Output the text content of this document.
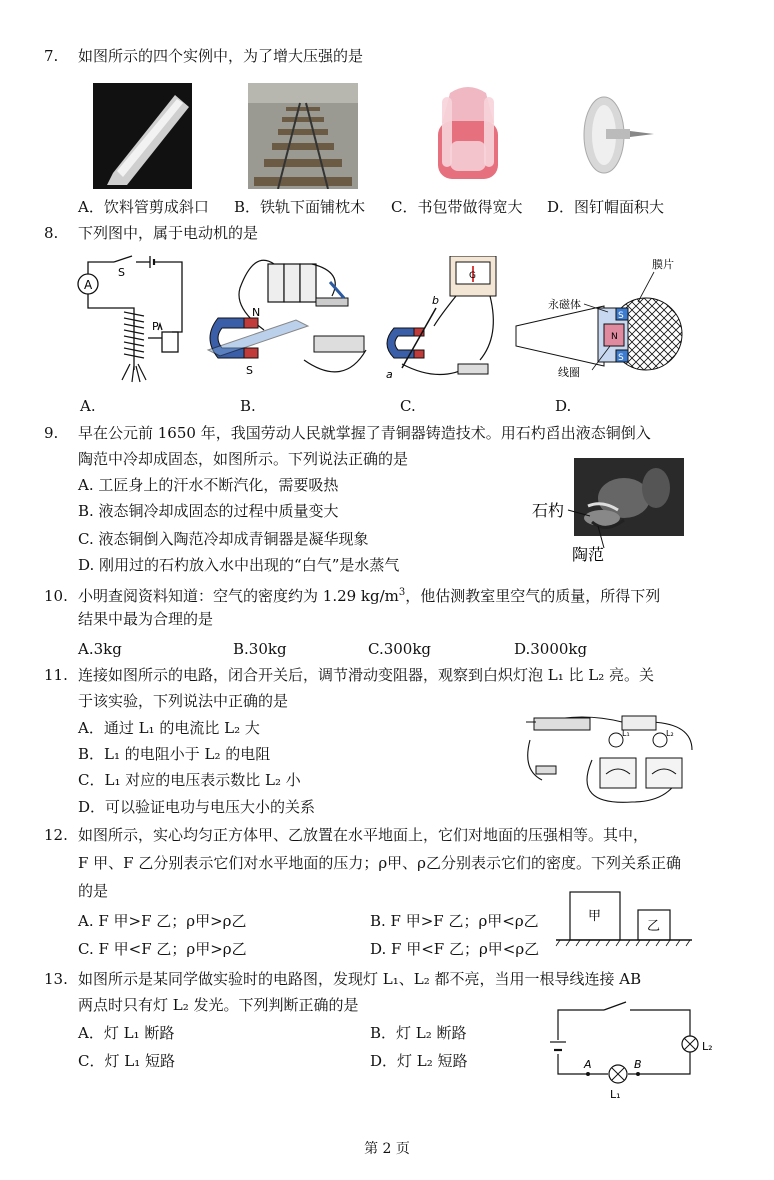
7. 如图所示的四个实例中，为了增大压强的是
A．饮料管剪成斜口 B．铁轨下面铺枕木 C．书包带做得宽大 D．图钉帽面积大
8. 下列图中，属于电动机的是
A
S
P
N
S
G
a
b
S
S
N
永磁体
膜片
线圈
A.	B.	C.	D.
9. 早在公元前 1650 年，我国劳动人民就掌握了青铜器铸造技术。用石杓舀出液态铜倒入
陶范中冷却成固态，如图所示。下列说法正确的是
A. 工匠身上的汗水不断汽化，需要吸热
B. 液态铜冷却成固态的过程中质量变大
C. 液态铜倒入陶范冷却成青铜器是凝华现象
D. 刚用过的石杓放入水中出现的“白气”是水蒸气
石杓
陶范
10. 小明查阅资料知道：空气的密度约为 1.29 $kg/m^3$，他估测教室里空气的质量，所得下列
结果中最为合理的是
A.3kg	B.30kg	C.300kg	D.3000kg
11. 连接如图所示的电路，闭合开关后，调节滑动变阻器，观察到白炽灯泡 L₁ 比 L₂ 亮。关
于该实验，下列说法中正确的是
A．通过 L₁ 的电流比 L₂ 大
B．L₁ 的电阻小于 L₂ 的电阻
C．L₁ 对应的电压表示数比 L₂ 小
D．可以验证电功与电压大小的关系
L₁	L₂
12. 如图所示，实心均匀正方体甲、乙放置在水平地面上，它们对地面的压强相等。其中，
F 甲、F 乙分别表示它们对水平地面的压力；ρ甲、ρ乙分别表示它们的密度。下列关系正确
的是
A. F 甲>F 乙；ρ甲>ρ乙	B. F 甲>F 乙；ρ甲<ρ乙
C. F 甲<F 乙；ρ甲>ρ乙	D. F 甲<F 乙；ρ甲<ρ乙
甲
乙
13. 如图所示是某同学做实验时的电路图，发现灯 L₁、L₂ 都不亮，当用一根导线连接 AB
两点时只有灯 L₂ 发光。下列判断正确的是
A．灯 L₁ 断路	B．灯 L₂ 断路
C．灯 L₁ 短路	D．灯 L₂ 短路	A	B
L₁
L₂
第 2 页
